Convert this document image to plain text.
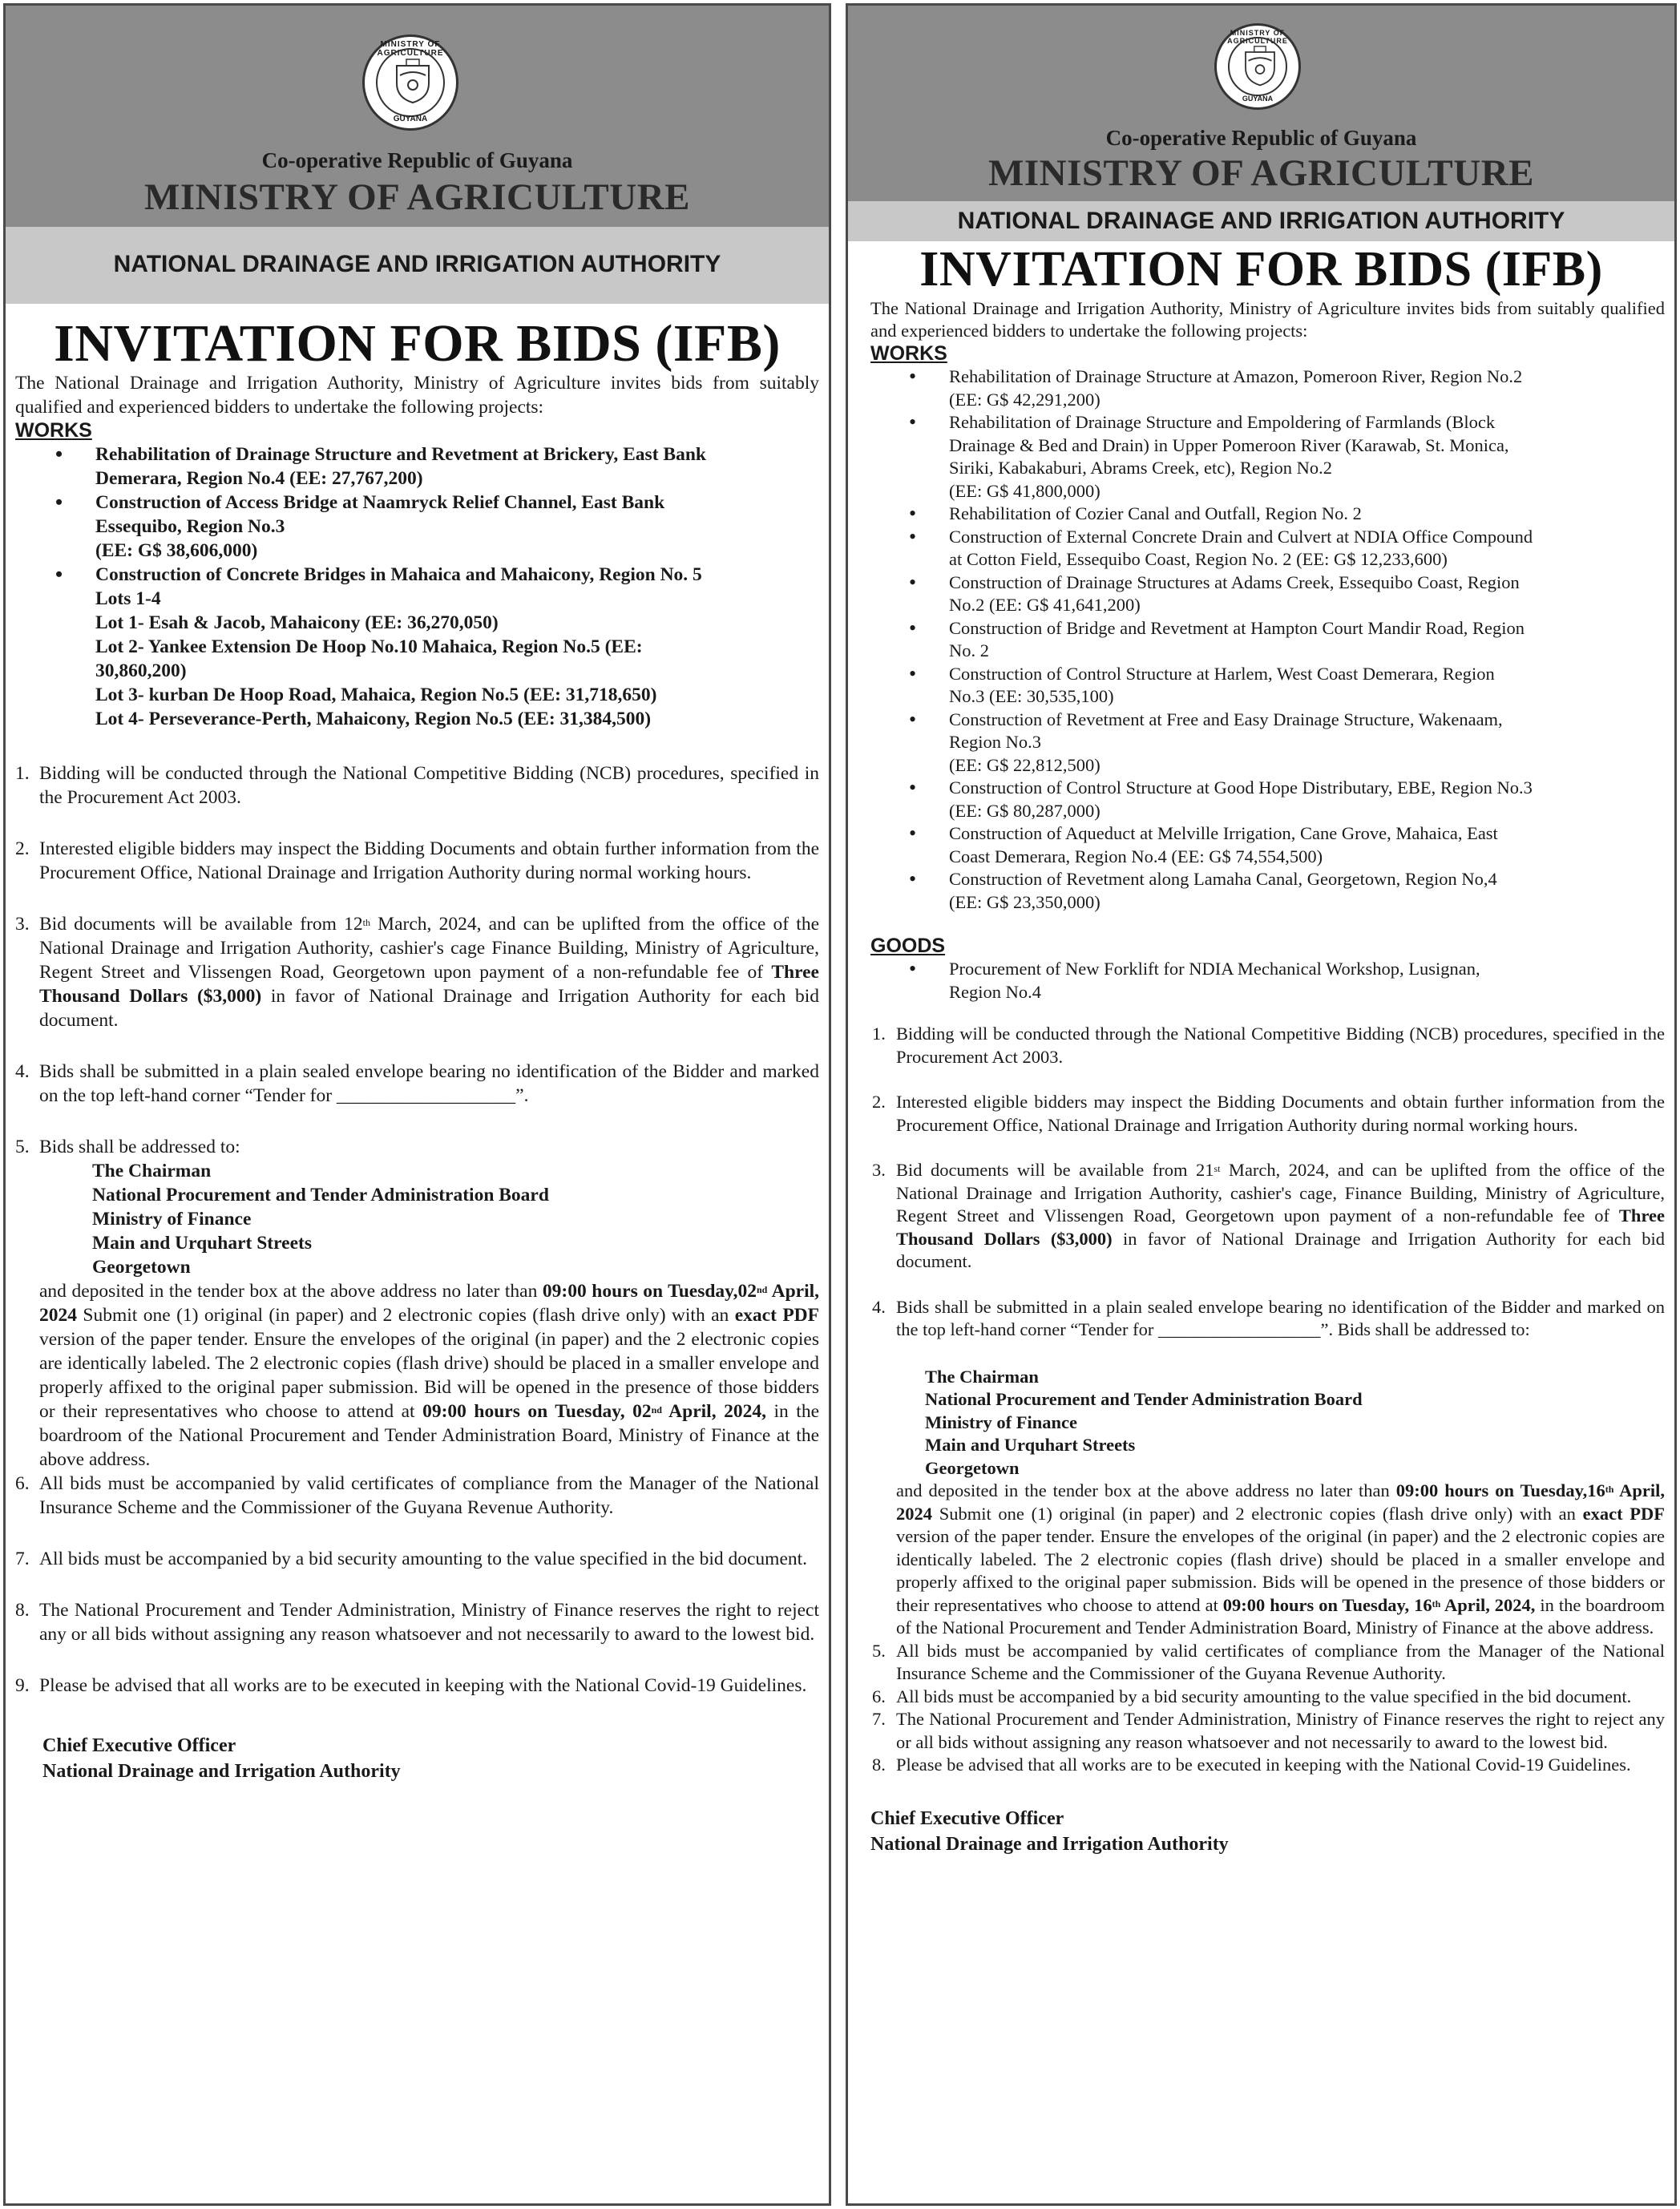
MINISTRY OF AGRICULTURE
GUYANA
Co-operative Republic of Guyana
MINISTRY OF AGRICULTURE
NATIONAL DRAINAGE AND IRRIGATION AUTHORITY
INVITATION FOR BIDS (IFB)
The National Drainage and Irrigation Authority, Ministry of Agriculture invites bids from suitably qualified and experienced bidders to undertake the following projects:
WORKS
• Rehabilitation of Drainage Structure and Revetment at Brickery, East Bank
Demerara, Region No.4 (EE: 27,767,200)
• Construction of Access Bridge at Naamryck Relief Channel, East Bank
Essequibo, Region No.3
(EE: G$ 38,606,000)
• Construction of Concrete Bridges in Mahaica and Mahaicony, Region No. 5
Lots 1-4
Lot 1- Esah & Jacob, Mahaicony (EE: 36,270,050)
Lot 2- Yankee Extension De Hoop No.10 Mahaica, Region No.5 (EE:
30,860,200)
Lot 3- kurban De Hoop Road, Mahaica, Region No.5 (EE: 31,718,650)
Lot 4- Perseverance-Perth, Mahaicony, Region No.5 (EE: 31,384,500)
1. Bidding will be conducted through the National Competitive Bidding (NCB) procedures, specified in the Procurement Act 2003.
2. Interested eligible bidders may inspect the Bidding Documents and obtain further information from the Procurement Office, National Drainage and Irrigation Authority during normal working hours.
3. Bid documents will be available from 12th March, 2024, and can be uplifted from the office of the National Drainage and Irrigation Authority, cashier's cage Finance Building, Ministry of Agriculture, Regent Street and Vlissengen Road, Georgetown upon payment of a non-refundable fee of Three Thousand Dollars ($3,000) in favor of National Drainage and Irrigation Authority for each bid document.
4. Bids shall be submitted in a plain sealed envelope bearing no identification of the Bidder and marked on the top left-hand corner “Tender for ___________________”.
5. Bids shall be addressed to:
The Chairman
National Procurement and Tender Administration Board
Ministry of Finance
Main and Urquhart Streets
Georgetown
and deposited in the tender box at the above address no later than 09:00 hours on Tuesday,02nd April, 2024 Submit one (1) original (in paper) and 2 electronic copies (flash drive only) with an exact PDF version of the paper tender. Ensure the envelopes of the original (in paper) and the 2 electronic copies are identically labeled. The 2 electronic copies (flash drive) should be placed in a smaller envelope and properly affixed to the original paper submission. Bid will be opened in the presence of those bidders or their representatives who choose to attend at 09:00 hours on Tuesday, 02nd April, 2024, in the boardroom of the National Procurement and Tender Administration Board, Ministry of Finance at the above address.
6. All bids must be accompanied by valid certificates of compliance from the Manager of the National Insurance Scheme and the Commissioner of the Guyana Revenue Authority.
7. All bids must be accompanied by a bid security amounting to the value specified in the bid document.
8. The National Procurement and Tender Administration, Ministry of Finance reserves the right to reject any or all bids without assigning any reason whatsoever and not necessarily to award to the lowest bid.
9. Please be advised that all works are to be executed in keeping with the National Covid-19 Guidelines.
Chief Executive Officer
National Drainage and Irrigation Authority
MINISTRY OF AGRICULTURE
GUYANA
Co-operative Republic of Guyana
MINISTRY OF AGRICULTURE
NATIONAL DRAINAGE AND IRRIGATION AUTHORITY
INVITATION FOR BIDS (IFB)
The National Drainage and Irrigation Authority, Ministry of Agriculture invites bids from suitably qualified and experienced bidders to undertake the following projects:
WORKS
• Rehabilitation of Drainage Structure at Amazon, Pomeroon River, Region No.2
(EE: G$ 42,291,200)
• Rehabilitation of Drainage Structure and Empoldering of Farmlands (Block
Drainage & Bed and Drain) in Upper Pomeroon River (Karawab, St. Monica,
Siriki, Kabakaburi, Abrams Creek, etc), Region No.2
(EE: G$ 41,800,000)
• Rehabilitation of Cozier Canal and Outfall, Region No. 2
• Construction of External Concrete Drain and Culvert at NDIA Office Compound
at Cotton Field, Essequibo Coast, Region No. 2 (EE: G$ 12,233,600)
• Construction of Drainage Structures at Adams Creek, Essequibo Coast, Region
No.2 (EE: G$ 41,641,200)
• Construction of Bridge and Revetment at Hampton Court Mandir Road, Region
No. 2
• Construction of Control Structure at Harlem, West Coast Demerara, Region
No.3 (EE: 30,535,100)
• Construction of Revetment at Free and Easy Drainage Structure, Wakenaam,
Region No.3
(EE: G$ 22,812,500)
• Construction of Control Structure at Good Hope Distributary, EBE, Region No.3
(EE: G$ 80,287,000)
• Construction of Aqueduct at Melville Irrigation, Cane Grove, Mahaica, East
Coast Demerara, Region No.4 (EE: G$ 74,554,500)
• Construction of Revetment along Lamaha Canal, Georgetown, Region No,4
(EE: G$ 23,350,000)
GOODS
• Procurement of New Forklift for NDIA Mechanical Workshop, Lusignan,
Region No.4
1. Bidding will be conducted through the National Competitive Bidding (NCB) procedures, specified in the Procurement Act 2003.
2. Interested eligible bidders may inspect the Bidding Documents and obtain further information from the Procurement Office, National Drainage and Irrigation Authority during normal working hours.
3. Bid documents will be available from 21st March, 2024, and can be uplifted from the office of the National Drainage and Irrigation Authority, cashier's cage, Finance Building, Ministry of Agriculture, Regent Street and Vlissengen Road, Georgetown upon payment of a non-refundable fee of Three Thousand Dollars ($3,000) in favor of National Drainage and Irrigation Authority for each bid document.
4. Bids shall be submitted in a plain sealed envelope bearing no identification of the Bidder and marked on the top left-hand corner “Tender for __________________”. Bids shall be addressed to:
The Chairman
National Procurement and Tender Administration Board
Ministry of Finance
Main and Urquhart Streets
Georgetown
and deposited in the tender box at the above address no later than 09:00 hours on Tuesday,16th April, 2024 Submit one (1) original (in paper) and 2 electronic copies (flash drive only) with an exact PDF version of the paper tender. Ensure the envelopes of the original (in paper) and the 2 electronic copies are identically labeled. The 2 electronic copies (flash drive) should be placed in a smaller envelope and properly affixed to the original paper submission. Bids will be opened in the presence of those bidders or their representatives who choose to attend at 09:00 hours on Tuesday, 16th April, 2024, in the boardroom of the National Procurement and Tender Administration Board, Ministry of Finance at the above address.
5. All bids must be accompanied by valid certificates of compliance from the Manager of the National Insurance Scheme and the Commissioner of the Guyana Revenue Authority.
6. All bids must be accompanied by a bid security amounting to the value specified in the bid document.
7. The National Procurement and Tender Administration, Ministry of Finance reserves the right to reject any or all bids without assigning any reason whatsoever and not necessarily to award to the lowest bid.
8. Please be advised that all works are to be executed in keeping with the National Covid-19 Guidelines.
Chief Executive Officer
National Drainage and Irrigation Authority
